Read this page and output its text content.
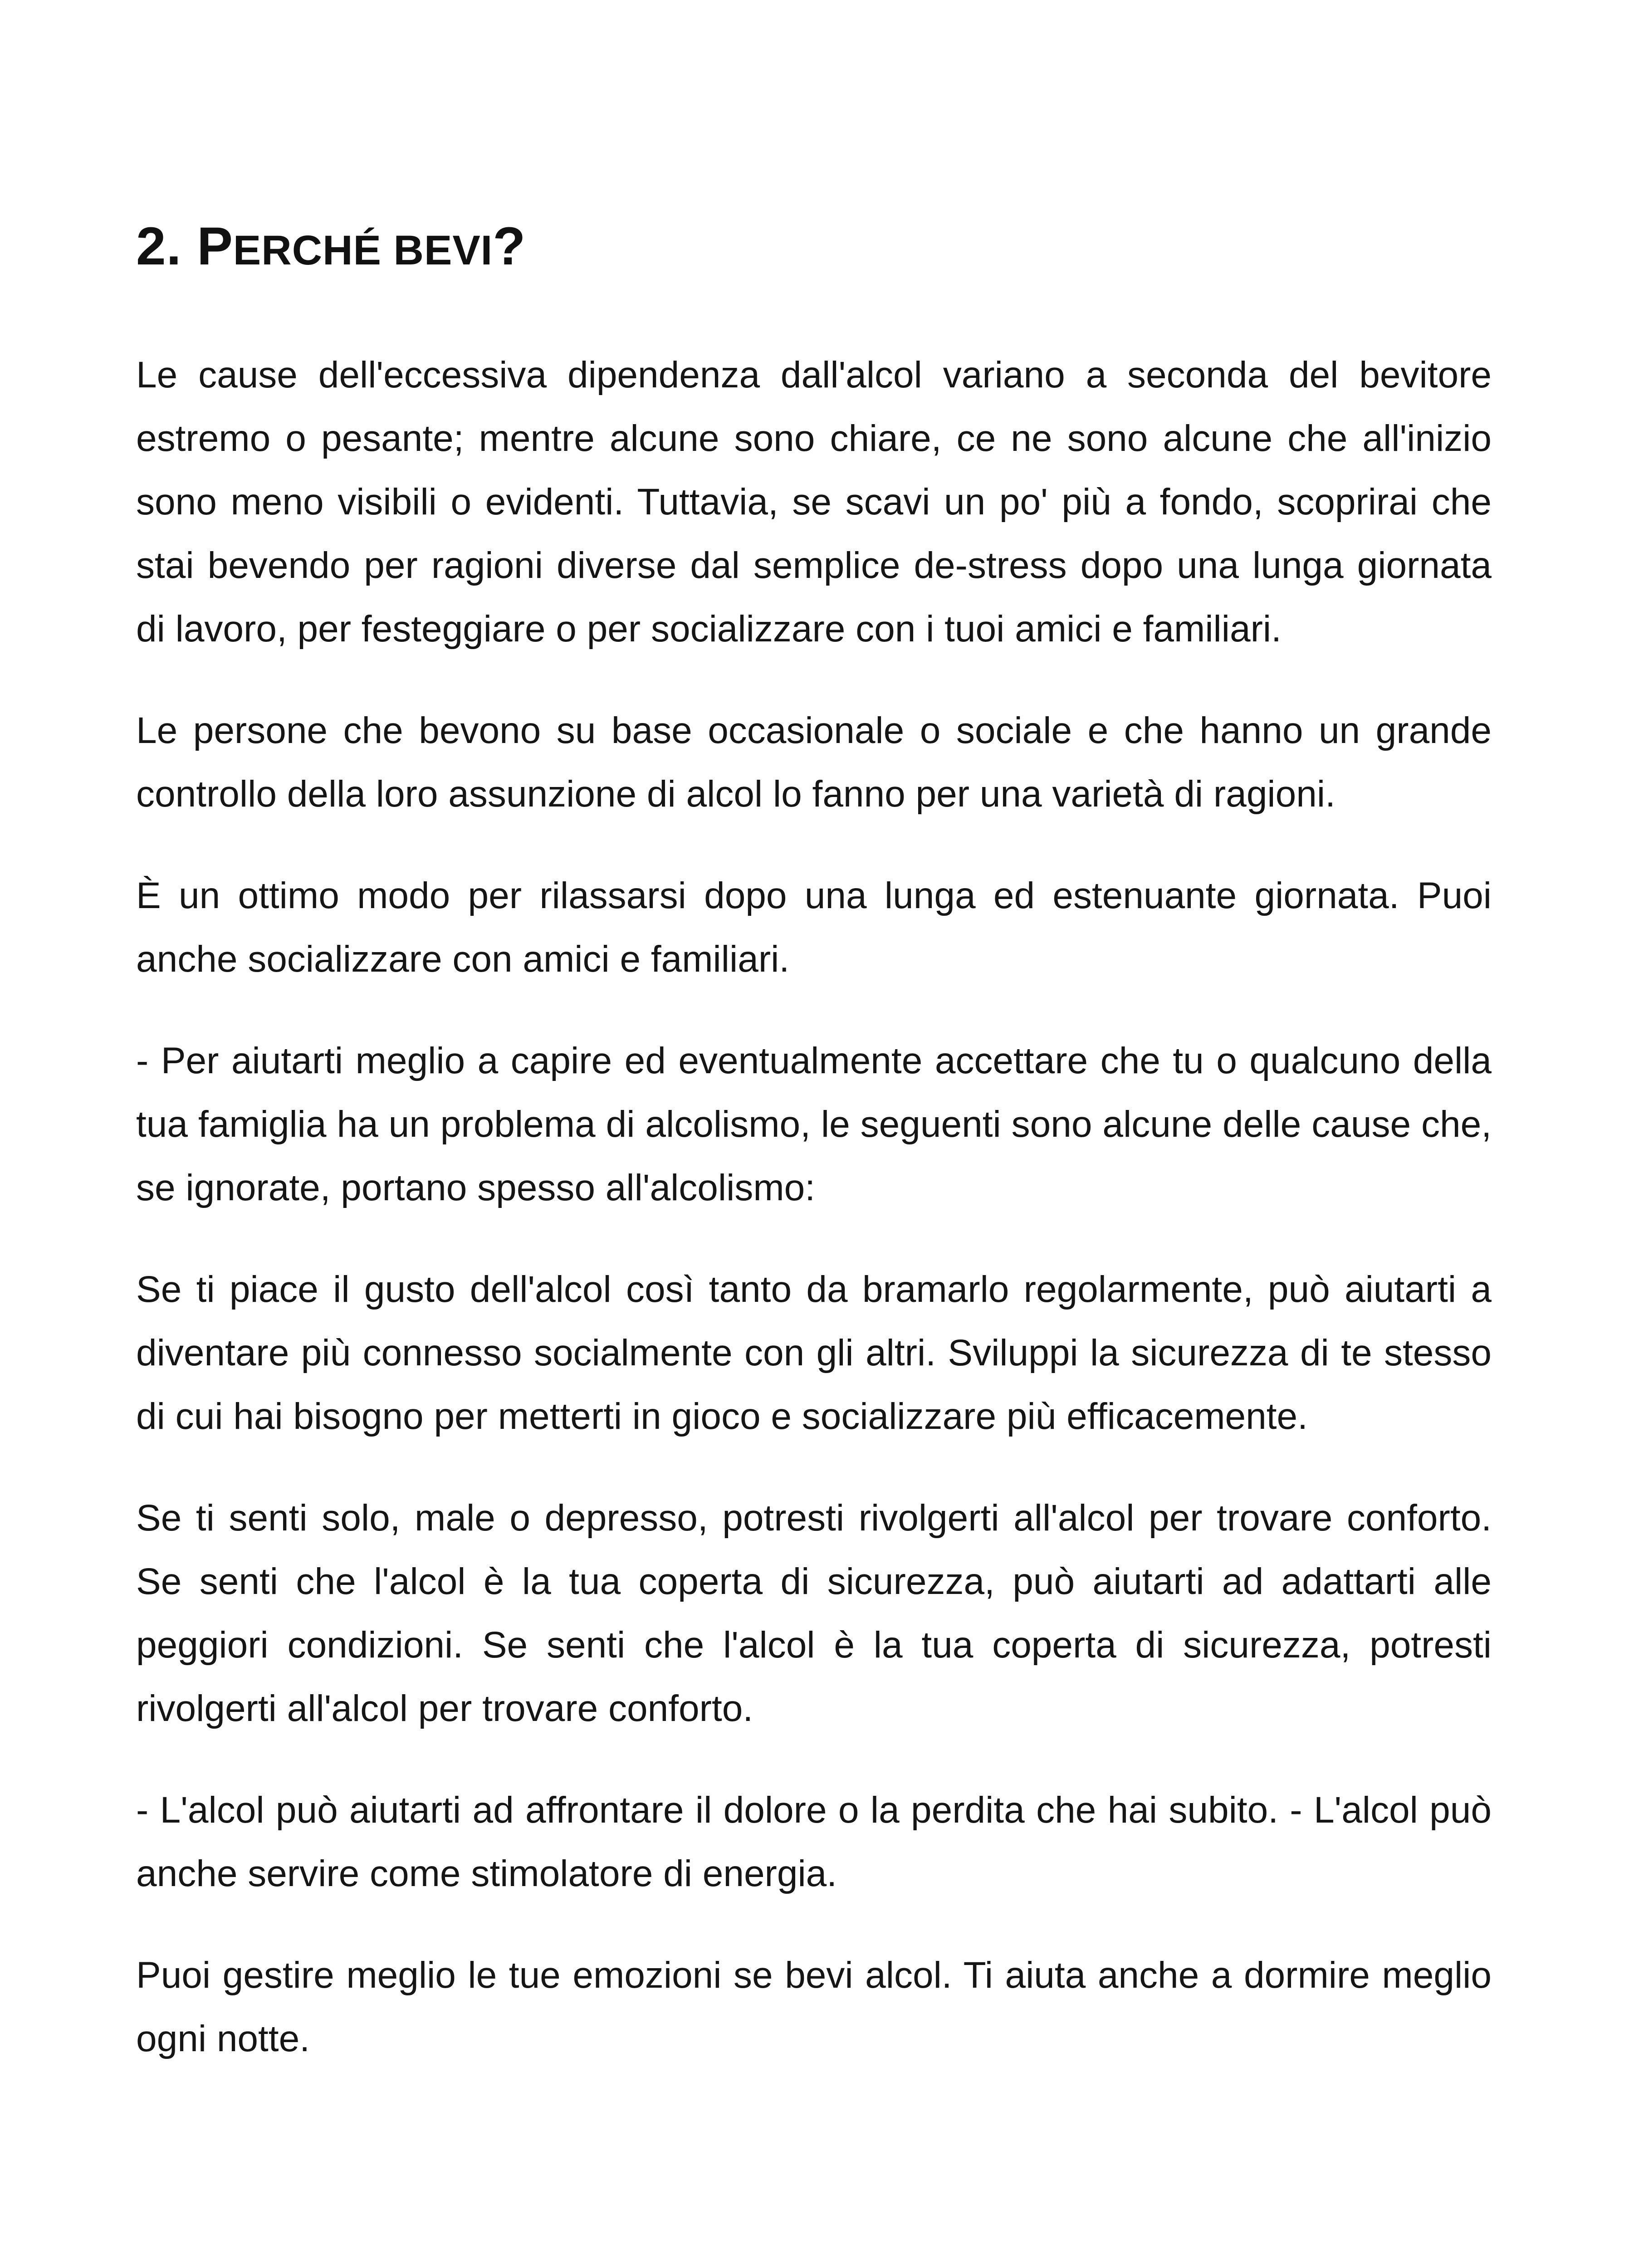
2. PERCHÉ BEVI?

Le cause dell'eccessiva dipendenza dall'alcol variano a seconda del bevitore estremo o pesante; mentre alcune sono chiare, ce ne sono alcune che all'inizio sono meno visibili o evidenti. Tuttavia, se scavi un po' più a fondo, scoprirai che stai bevendo per ragioni diverse dal semplice de-stress dopo una lunga giornata di lavoro, per festeggiare o per socializzare con i tuoi amici e familiari.

Le persone che bevono su base occasionale o sociale e che hanno un grande controllo della loro assunzione di alcol lo fanno per una varietà di ragioni.

È un ottimo modo per rilassarsi dopo una lunga ed estenuante giornata. Puoi anche socializzare con amici e familiari.

- Per aiutarti meglio a capire ed eventualmente accettare che tu o qualcuno della tua famiglia ha un problema di alcolismo, le seguenti sono alcune delle cause che, se ignorate, portano spesso all'alcolismo:

Se ti piace il gusto dell'alcol così tanto da bramarlo regolarmente, può aiutarti a diventare più connesso socialmente con gli altri. Sviluppi la sicurezza di te stesso di cui hai bisogno per metterti in gioco e socializzare più efficacemente.

Se ti senti solo, male o depresso, potresti rivolgerti all'alcol per trovare conforto. Se senti che l'alcol è la tua coperta di sicurezza, può aiutarti ad adattarti alle peggiori condizioni. Se senti che l'alcol è la tua coperta di sicurezza, potresti rivolgerti all'alcol per trovare conforto.

- L'alcol può aiutarti ad affrontare il dolore o la perdita che hai subito. - L'alcol può anche servire come stimolatore di energia.

Puoi gestire meglio le tue emozioni se bevi alcol. Ti aiuta anche a dormire meglio ogni notte.
